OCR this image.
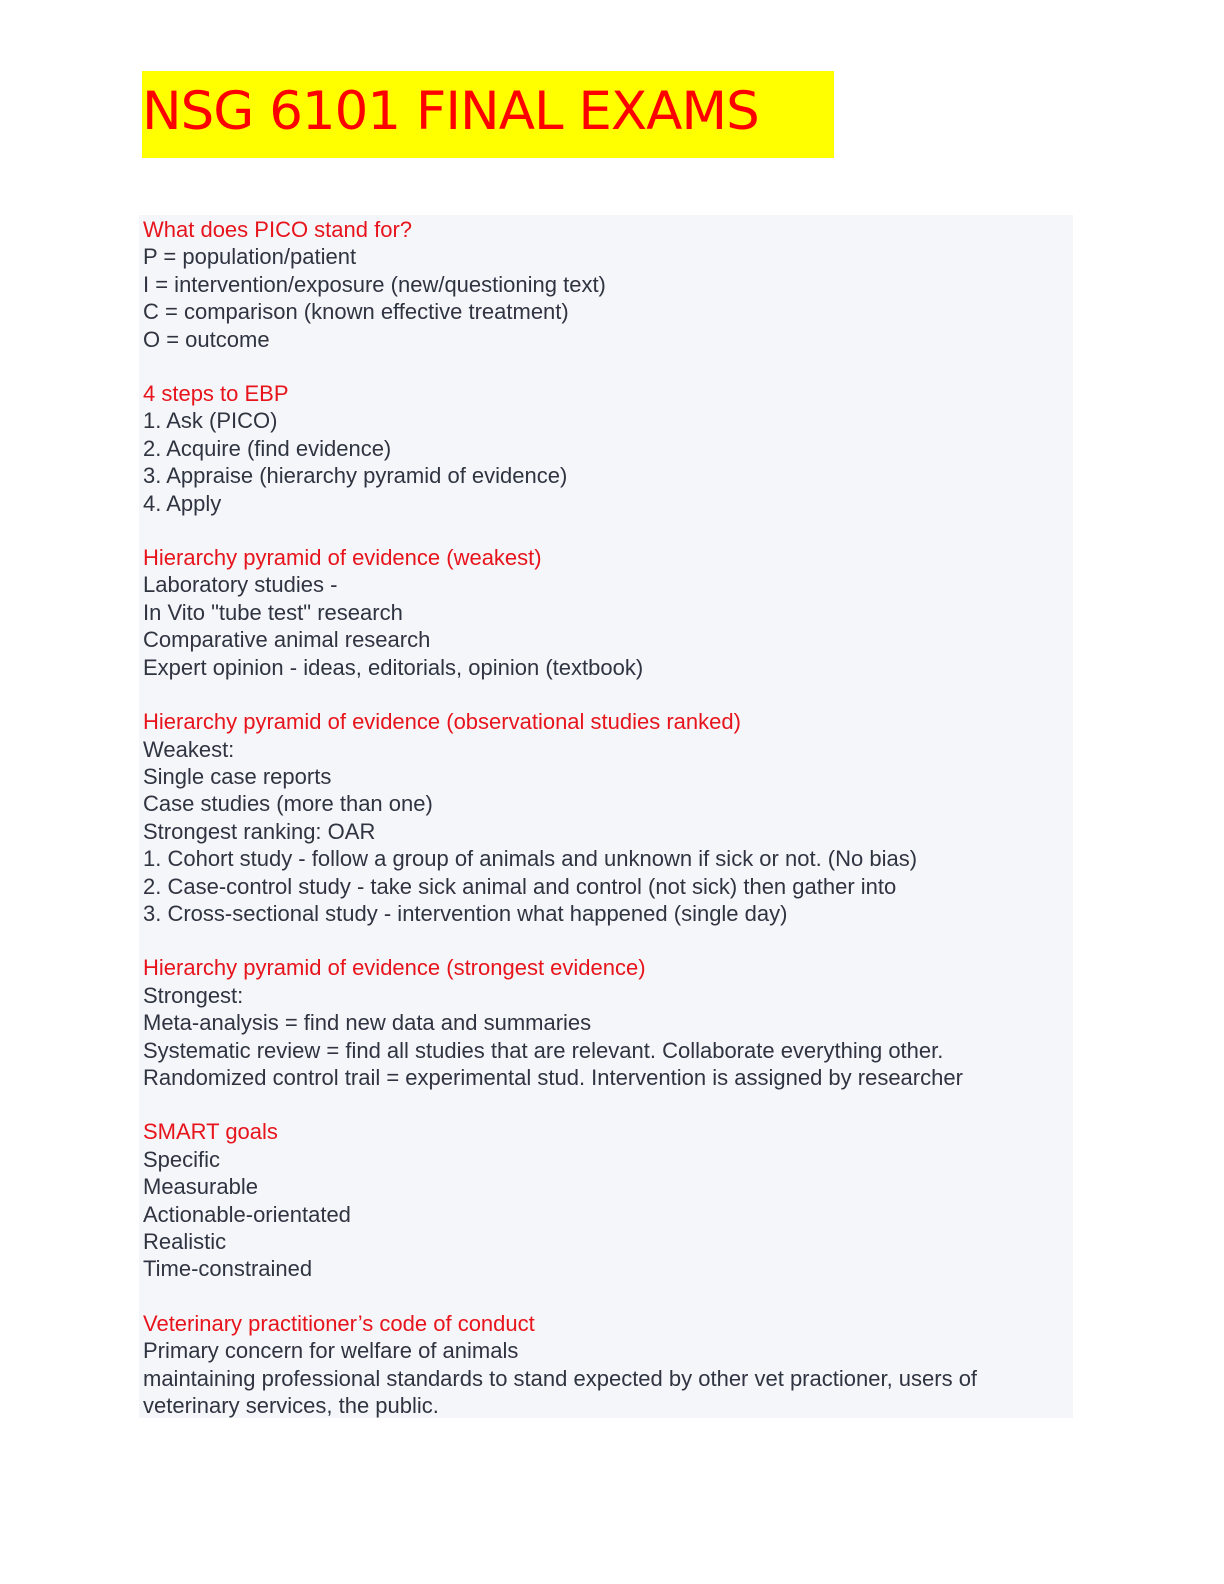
NSG 6101 FINAL EXAMS
What does PICO stand for?
P = population/patient
I = intervention/exposure (new/questioning text)
C = comparison (known effective treatment)
O = outcome
4 steps to EBP
1. Ask (PICO)
2. Acquire (find evidence)
3. Appraise (hierarchy pyramid of evidence)
4. Apply
Hierarchy pyramid of evidence (weakest)
Laboratory studies -
In Vito "tube test" research
Comparative animal research
Expert opinion - ideas, editorials, opinion (textbook)
Hierarchy pyramid of evidence (observational studies ranked)
Weakest:
Single case reports
Case studies (more than one)
Strongest ranking: OAR
1. Cohort study - follow a group of animals and unknown if sick or not. (No bias)
2. Case-control study - take sick animal and control (not sick) then gather into
3. Cross-sectional study - intervention what happened (single day)
Hierarchy pyramid of evidence (strongest evidence)
Strongest:
Meta-analysis = find new data and summaries
Systematic review = find all studies that are relevant. Collaborate everything other.
Randomized control trail = experimental stud. Intervention is assigned by researcher
SMART goals
Specific
Measurable
Actionable-orientated
Realistic
Time-constrained
Veterinary practitioner’s code of conduct
Primary concern for welfare of animals
maintaining professional standards to stand expected by other vet practioner, users of veterinary services, the public.
